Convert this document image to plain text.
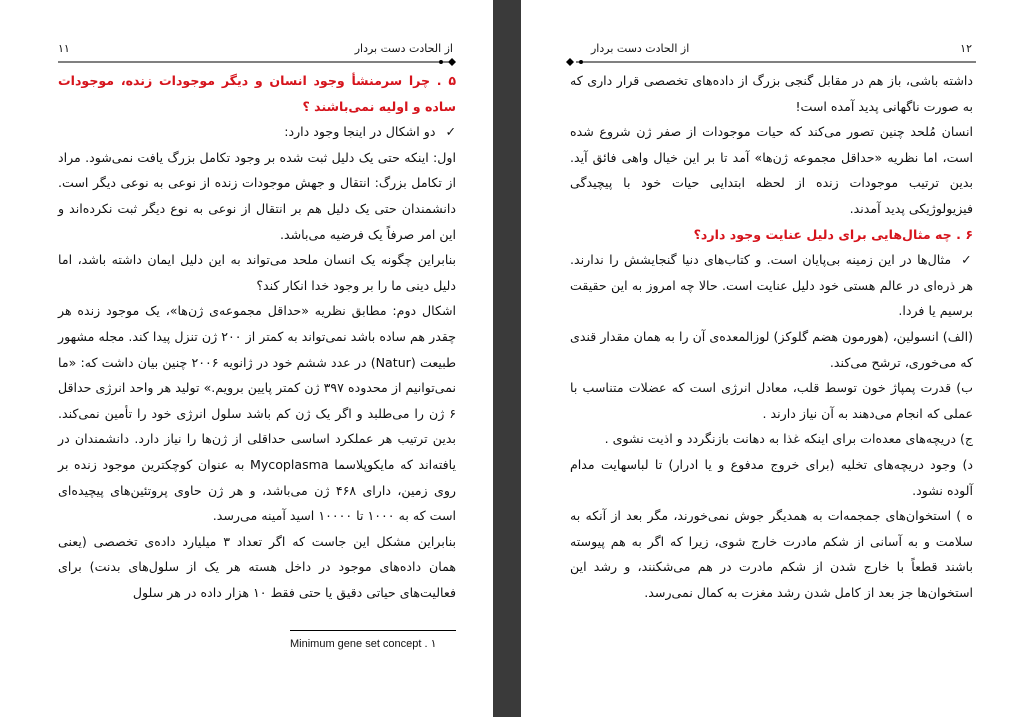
۱۱	از الحادت دست بردار

۵ . چرا سرمنشأ وجود انسان و دیگر موجودات زنده، موجودات ساده و اولیه نمی‌باشند ؟

✓دو اشکال در اینجا وجود دارد:

اول: اینکه حتی یک دلیل ثبت شده بر وجود تکامل بزرگ یافت نمی‌شود. مراد از تکامل بزرگ: انتقال و جهش موجودات زنده از نوعی به نوعی دیگر است. دانشمندان حتی یک دلیل هم بر انتقال از نوعی به نوع دیگر ثبت نکرده‌اند و این امر صرفاً یک فرضیه می‌باشد.

بنابراین چگونه یک انسان ملحد می‌تواند به این دلیل ایمان داشته باشد، اما دلیل دینی ما را بر وجود خدا انکار کند؟

اشکال دوم: مطابق نظریه «حداقل مجموعه‌ی ژن‌ها»، یک موجود زنده هر چقدر هم ساده باشد نمی‌تواند به کمتر از ۲۰۰ ژن تنزل پیدا کند. مجله مشهور طبیعت (Natur) در عدد ششم خود در ژانویه ۲۰۰۶ چنین بیان داشت که: «ما نمی‌توانیم از محدوده ۳۹۷ ژن کمتر پایین برویم.» تولید هر واحد انرژی حداقل ۶ ژن را می‌طلبد و اگر یک ژن کم باشد سلول انرژی خود را تأمین نمی‌کند. بدین ترتیب هر عملکرد اساسی حداقلی از ژن‌ها را نیاز دارد. دانشمندان در یافته‌اند که مایکوپلاسما Mycoplasma به عنوان کوچکترین موجود زنده بر روی زمین، دارای ۴۶۸ ژن می‌باشد، و هر ژن حاوی پروتئین‌های پیچیده‌ای است که به ۱۰۰۰ تا ۱۰۰۰۰ اسید آمینه می‌رسد.

بنابراین مشکل این جاست که اگر تعداد ۳ میلیارد داده‌ی تخصصی (یعنی همان داده‌های موجود در داخل هسته هر یک از سلول‌های بدنت) برای فعالیت‌های حیاتی دقیق یا حتی فقط ۱۰ هزار داده در هر سلول

Minimum gene set concept . ۱
از الحادت دست بردار	۱۲

داشته باشی، باز هم در مقابل گنجی بزرگ از داده‌های تخصصی قرار داری که به صورت ناگهانی پدید آمده است!

انسان مُلحد چنین تصور می‌کند که حیات موجودات از صفر ژن شروع شده است، اما نظریه «حداقل مجموعه ژن‌ها» آمد تا بر این خیال واهی فائق آید. بدین ترتیب موجودات زنده از لحظه ابتدایی حیات خود با پیچیدگی فیزیولوژیکی پدید آمدند.

۶ . چه مثال‌هایی برای دلیل عنایت وجود دارد؟

✓مثال‌ها در این زمینه بی‌پایان است. و کتاب‌های دنیا گنجایشش را ندارند. هر ذره‌ای در عالم هستی خود دلیل عنایت است. حالا چه امروز به این حقیقت برسیم یا فردا.

(الف) انسولین، (هورمون هضم گلوکز) لوزالمعده‌ی آن را به همان مقدار قندی که می‌خوری، ترشح می‌کند.

ب) قدرت پمپاژ خون توسط قلب، معادل انرژی است که عضلات متناسب با عملی که انجام می‌دهند به آن نیاز دارند .

ج) دریچه‌های معده‌ات برای اینکه غذا به دهانت بازنگردد و اذیت نشوی .

د) وجود دریچه‌های تخلیه (برای خروج مدفوع و یا ادرار) تا لباسهایت مدام آلوده نشود.

ه ) استخوان‌های جمجمه‌ات به همدیگر جوش نمی‌خورند، مگر بعد از آنکه به سلامت و به آسانی از شکم مادرت خارج شوی، زیرا که اگر به هم پیوسته باشند قطعاً با خارج شدن از شکم مادرت در هم می‌شکنند، و رشد این استخوان‌ها جز بعد از کامل شدن رشد مغزت به کمال نمی‌رسد.
